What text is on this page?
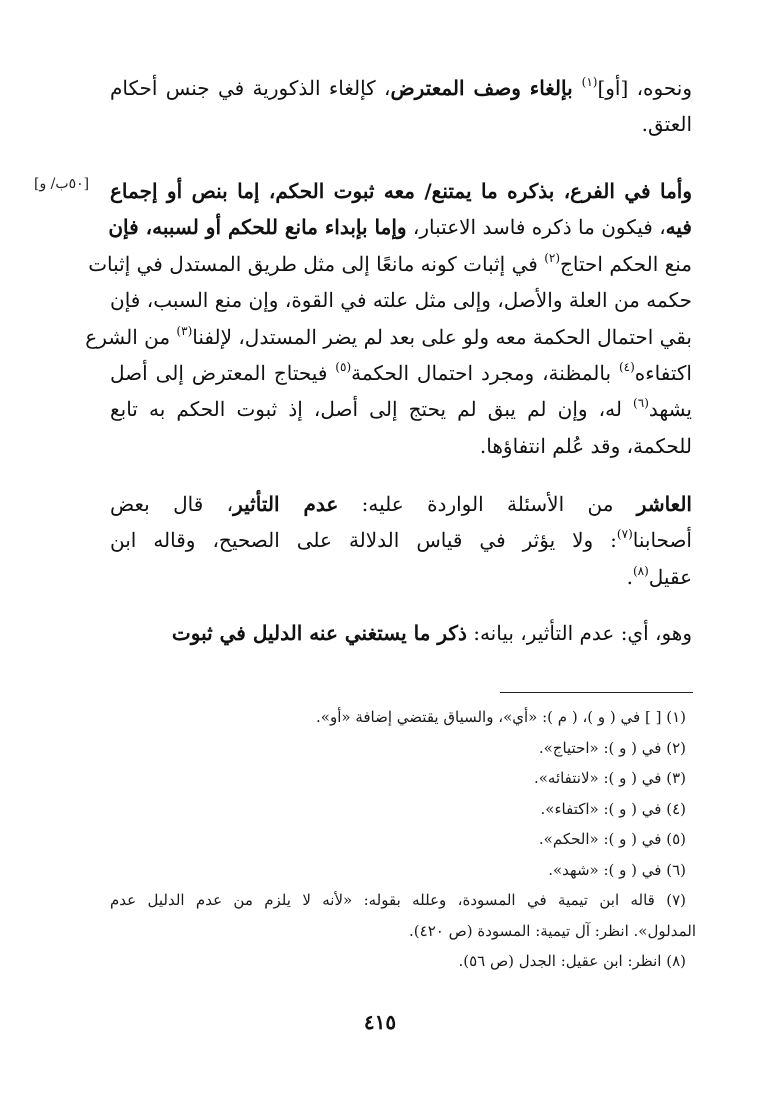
[٥٠ب/ و]
ونحوه، [أو]$^{(١)}$ بإلغاء وصف المعترض، كإلغاء الذكورية في جنس أحكام
العتق.
وأما في الفرع، بذكره ما يمتنع/ معه ثبوت الحكم، إما بنص أو إجماع
فيه، فيكون ما ذكره فاسد الاعتبار، وإما بإبداء مانع للحكم أو لسببه، فإن
منع الحكم احتاج$^{(٢)}$ في إثبات كونه مانعًا إلى مثل طريق المستدل في إثبات
حكمه من العلة والأصل، وإلى مثل علته في القوة، وإن منع السبب، فإن
بقي احتمال الحكمة معه ولو على بعد لم يضر المستدل، لإلفنا$^{(٣)}$ من الشرع
اكتفاءه$^{(٤)}$ بالمظنة، ومجرد احتمال الحكمة$^{(٥)}$ فيحتاج المعترض إلى أصل
يشهد$^{(٦)}$ له، وإن لم يبق لم يحتج إلى أصل، إذ ثبوت الحكم به تابع
للحكمة، وقد عُلم انتفاؤها.
العاشر من الأسئلة الواردة عليه: عدم التأثير، قال بعض
أصحابنا$^{(٧)}$: ولا يؤثر في قياس الدلالة على الصحيح، وقاله ابن
عقيل$^{(٨)}$.
وهو، أي: عدم التأثير، بيانه: ذكر ما يستغني عنه الدليل في ثبوت
(١) [ ] في ( و )، ( م ): «أي»، والسياق يقتضي إضافة «أو».
(٢) في ( و ): «احتياج».
(٣) في ( و ): «لانتفائه».
(٤) في ( و ): «اكتفاء».
(٥) في ( و ): «الحكم».
(٦) في ( و ): «شهد».
(٧) قاله ابن تيمية في المسودة، وعلله بقوله: «لأنه لا يلزم من عدم الدليل عدم
المدلول». انظر: آل تيمية: المسودة (ص ٤٢٠).
(٨) انظر: ابن عقيل: الجدل (ص ٥٦).
٤١٥
